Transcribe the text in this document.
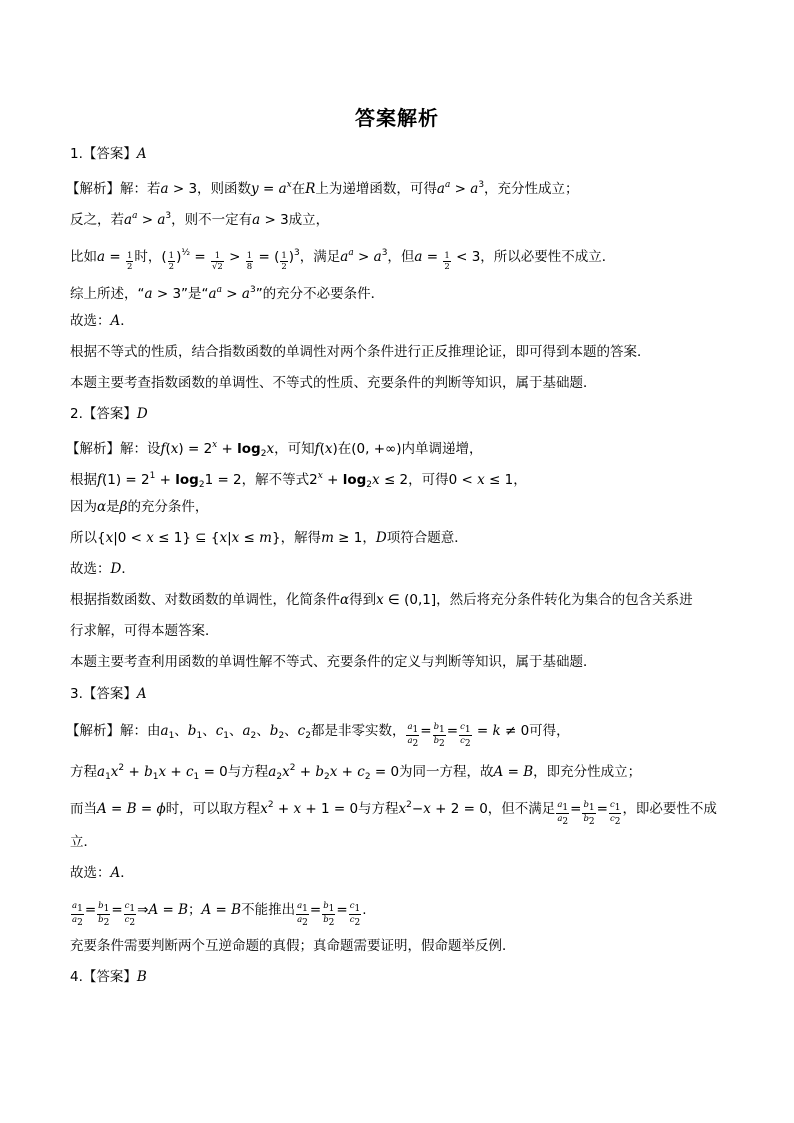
答案解析
1.【答案】A
【解析】解：若a > 3，则函数$y = a^x$在R上为递增函数，可得$a^a > a^3$，充分性成立；
反之，若$a^a > a^3$，则不一定有a > 3成立，
比如$a = \frac{1}{2}$ 时，( $\frac{1}{2} )^{\frac{1}{2}} = \frac{1}{√2} > \frac{1}{8}$ = ( $\frac{1}{2} )^3$，满足$a^a > a^3$，但$a = \frac{1}{2} < 3$，所以必要性不成立．
综上所述，“a > 3”是“$a^a > a^3$”的充分不必要条件．
故选：A．
根据不等式的性质，结合指数函数的单调性对两个条件进行正反推理论证，即可得到本题的答案．
本题主要考查指数函数的单调性、不等式的性质、充要条件的判断等知识，属于基础题．
2.【答案】D
【解析】解：设$f(x) = 2^x + \log_2x$，可知f(x)在(0, +∞)内单调递增，
根据$f(1) = 2^1 + \log_21 = 2$，解不等式$2^x + \log_2x \le 2$，可得0 < x ≤ 1，
因为α是β的充分条件，
所以{x|0 < x ≤ 1} ⊆ {x|x ≤ m}，解得m ≥ 1，D项符合题意．
故选：D．
根据指数函数、对数函数的单调性，化简条件α得到x ∈ (0,1]，然后将充分条件转化为集合的包含关系进
行求解，可得本题答案．
本题主要考查利用函数的单调性解不等式、充要条件的定义与判断等知识，属于基础题．
3.【答案】A
【解析】解：由$a_1$、$b_1$、$c_1$、$a_2$、$b_2$、$c_2$都是非零实数， $\frac{a_1}{a_2} = \frac{b_1}{b_2} = \frac{c_1}{c_2} = k \ne 0$可得，
方程$a_1x^2 + b_1x + c_1 = 0$与方程$a_2x^2 + b_2x + c_2 = 0$为同一方程，故A = B，即充分性成立；
而当A = B = ϕ时，可以取方程$x^2 + x + 1 = 0$与方程$x^2-x + 2 = 0$，但不满足 $\frac{a_1}{a_2} = \frac{b_1}{b_2} = \frac{c_1}{c_2}$ ，即必要性不成
立．
故选：A．
$\frac{a_1}{a_2} = \frac{b_1}{b_2} = \frac{c_1}{c_2}$ ⇒A = B；A = B不能推出 $\frac{a_1}{a_2} = \frac{b_1}{b_2} = \frac{c_1}{c_2}$ .
充要条件需要判断两个互逆命题的真假；真命题需要证明，假命题举反例．
4.【答案】B
